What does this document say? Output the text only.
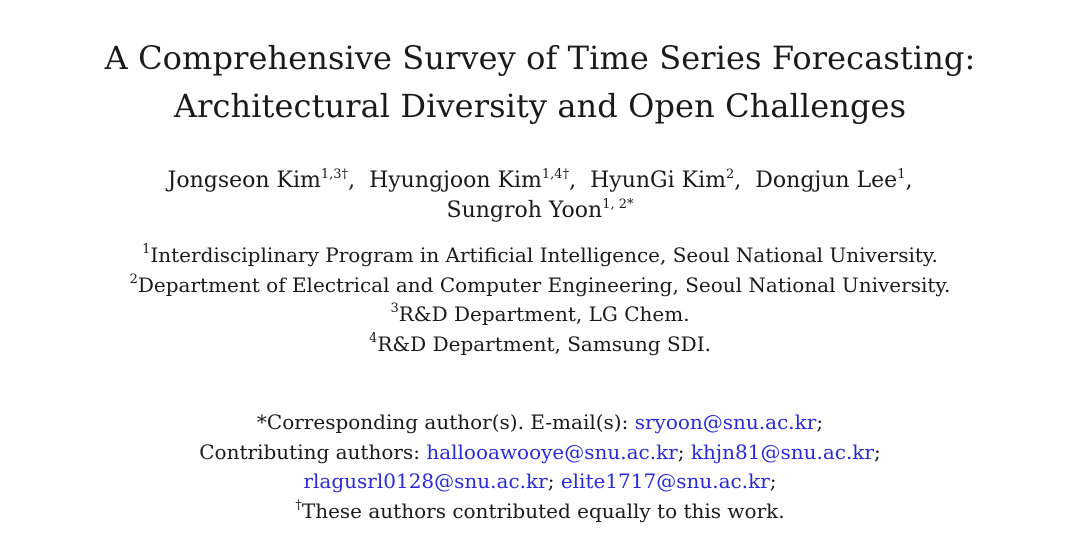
A Comprehensive Survey of Time Series Forecasting:
Architectural Diversity and Open Challenges
Jongseon Kim$^{1,3\dagger}$, Hyungjoon Kim$^{1,4\dagger}$, HyunGi Kim$^2$, Dongjun Lee$^1$,
Sungroh Yoon$^{1, 2*}$
$^1$Interdisciplinary Program in Artificial Intelligence, Seoul National University.
$^2$Department of Electrical and Computer Engineering, Seoul National University.
$^3$R&D Department, LG Chem.
$^4$R&D Department, Samsung SDI.
*Corresponding author(s). E-mail(s): sryoon@snu.ac.kr;
Contributing authors: hallooawooye@snu.ac.kr; khjn81@snu.ac.kr;
rlagusrl0128@snu.ac.kr; elite1717@snu.ac.kr;
†These authors contributed equally to this work.
